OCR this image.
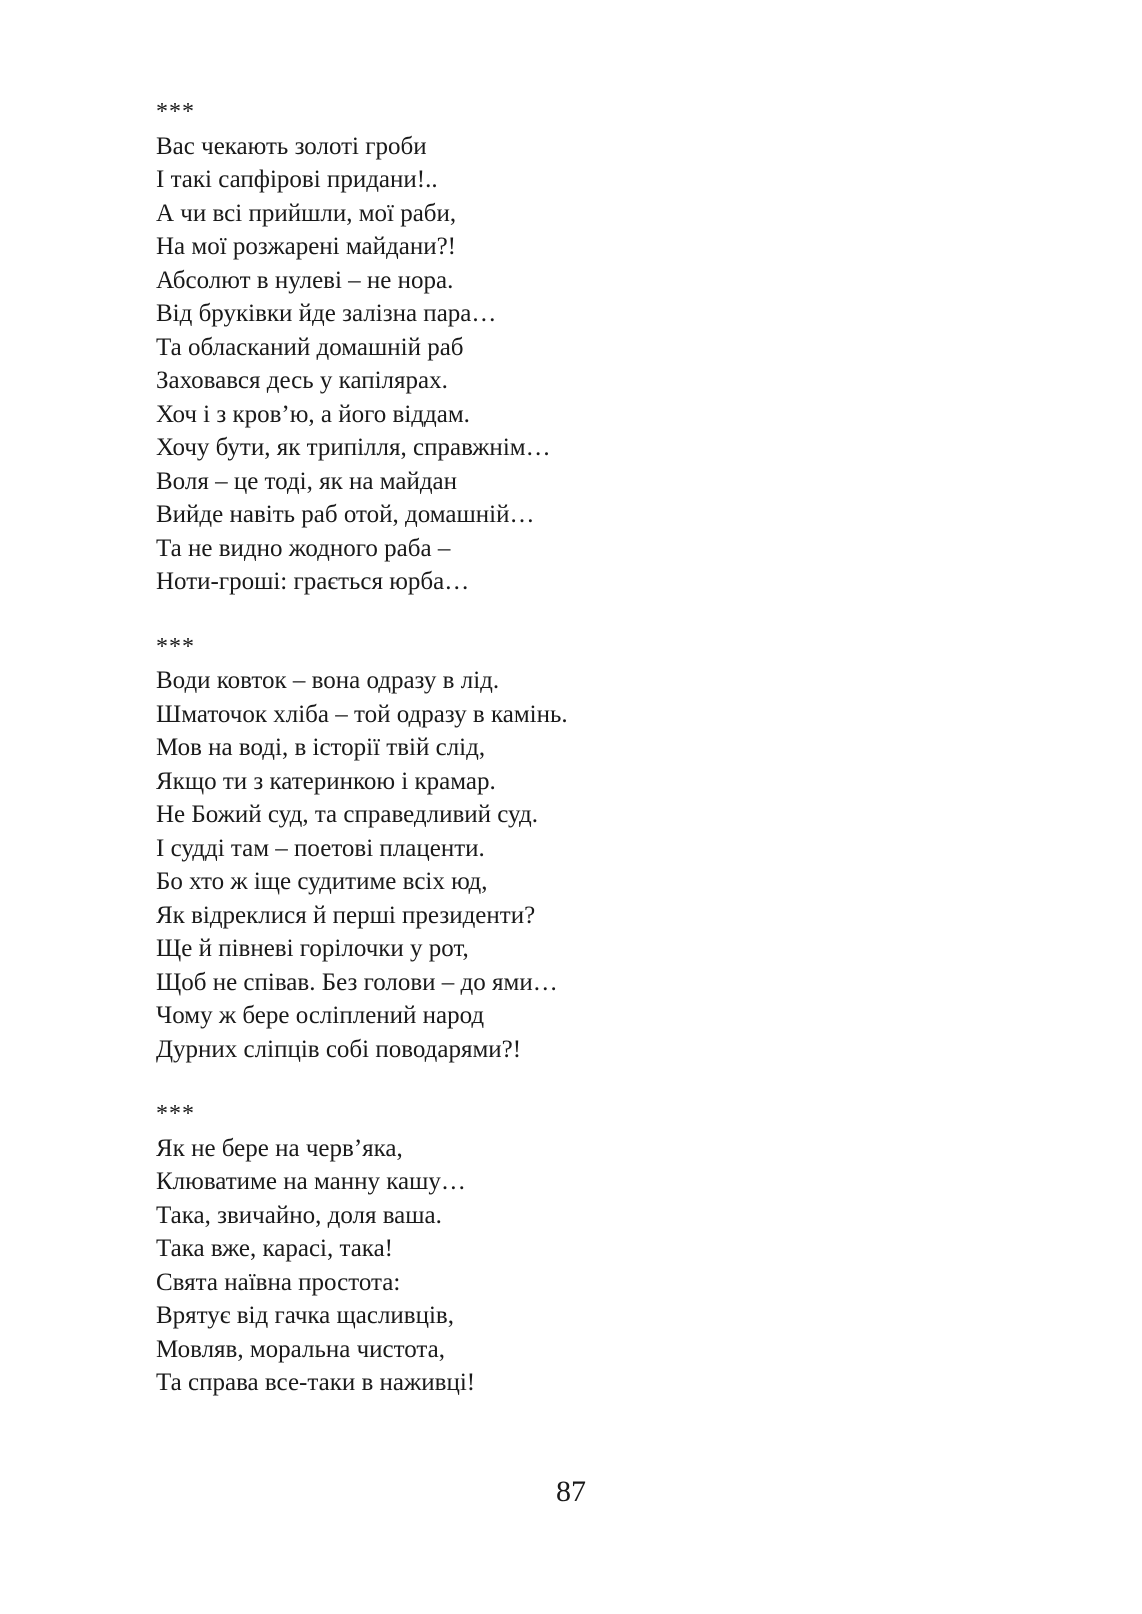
***
Вас чекають золоті гроби
І такі сапфірові придани!..
А чи всі прийшли, мої раби,
На мої розжарені майдани?!
Абсолют в нулеві – не нора.
Від бруківки йде залізна пара…
Та обласканий домашній раб
Заховався десь у капілярах.
Хоч і з кров’ю, а його віддам.
Хочу бути, як трипілля, справжнім…
Воля – це тоді, як на майдан
Вийде навіть раб отой, домашній…
Та не видно жодного раба –
Ноти-гроші: грається юрба…
***
Води ковток – вона одразу в лід.
Шматочок хліба – той одразу в камінь.
Мов на воді, в історії твій слід,
Якщо ти з катеринкою і крамар.
Не Божий суд, та справедливий суд.
І судді там – поетові плаценти.
Бо хто ж іще судитиме всіх юд,
Як відреклися й перші президенти?
Ще й півневі горілочки у рот,
Щоб не співав. Без голови – до ями…
Чому ж бере осліплений народ
Дурних сліпців собі поводарями?!
***
Як не бере на черв’яка,
Клюватиме на манну кашу…
Така, звичайно, доля ваша.
Така вже, карасі, така!
Свята наївна простота:
Врятує від гачка щасливців,
Мовляв, моральна чистота,
Та справа все-таки в наживці!
87
